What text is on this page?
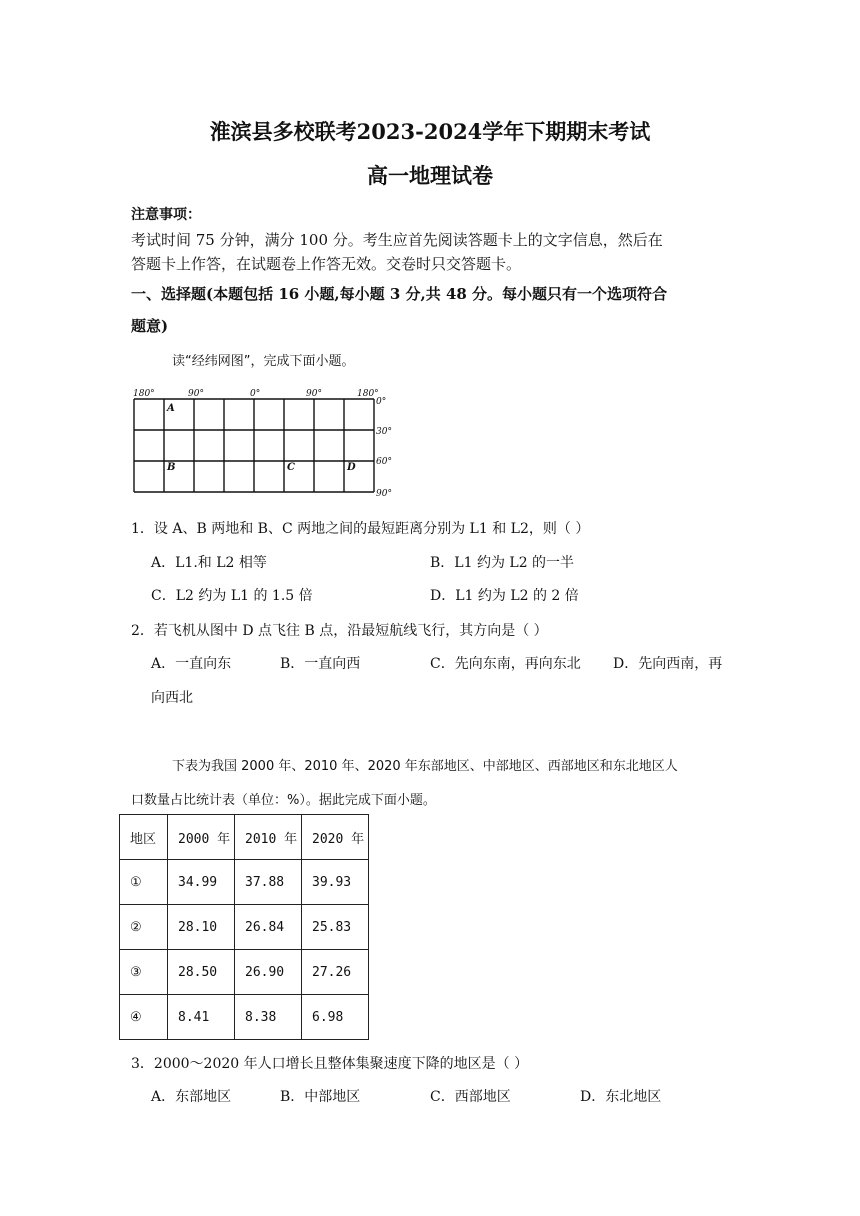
淮滨县多校联考2023-2024学年下期期末考试
高一地理试卷
注意事项：
考试时间 75 分钟，满分 100 分。考生应首先阅读答题卡上的文字信息，然后在
答题卡上作答，在试题卷上作答无效。交卷时只交答题卡。
一、选择题(本题包括 16 小题,每小题 3 分,共 48 分。每小题只有一个选项符合
题意)
读“经纬网图”，完成下面小题。
180°	90°	0°	90°	180°
0°
30°
60°
90°
A
B	C	D
1．设 A、B 两地和 B、C 两地之间的最短距离分别为 L1 和 L2，则（ ）
A．L1.和 L2 相等	B．L1 约为 L2 的一半
C．L2 约为 L1 的 1.5 倍	D．L1 约为 L2 的 2 倍
2．若飞机从图中 D 点飞往 B 点，沿最短航线飞行，其方向是（ ）
A．一直向东	B．一直向西	C．先向东南，再向东北 D．先向西南，再
向西北
下表为我国 2000 年、2010 年、2020 年东部地区、中部地区、西部地区和东北地区人
口数量占比统计表（单位：%）。据此完成下面小题。
地区	2000 年	2010 年	2020 年
①	34.99	37.88	39.93
②	28.10	26.84	25.83
③	28.50	26.90	27.26
④	8.41	8.38	6.98
3．2000～2020 年人口增长且整体集聚速度下降的地区是（ ）
A．东部地区	B．中部地区	C．西部地区	D．东北地区
